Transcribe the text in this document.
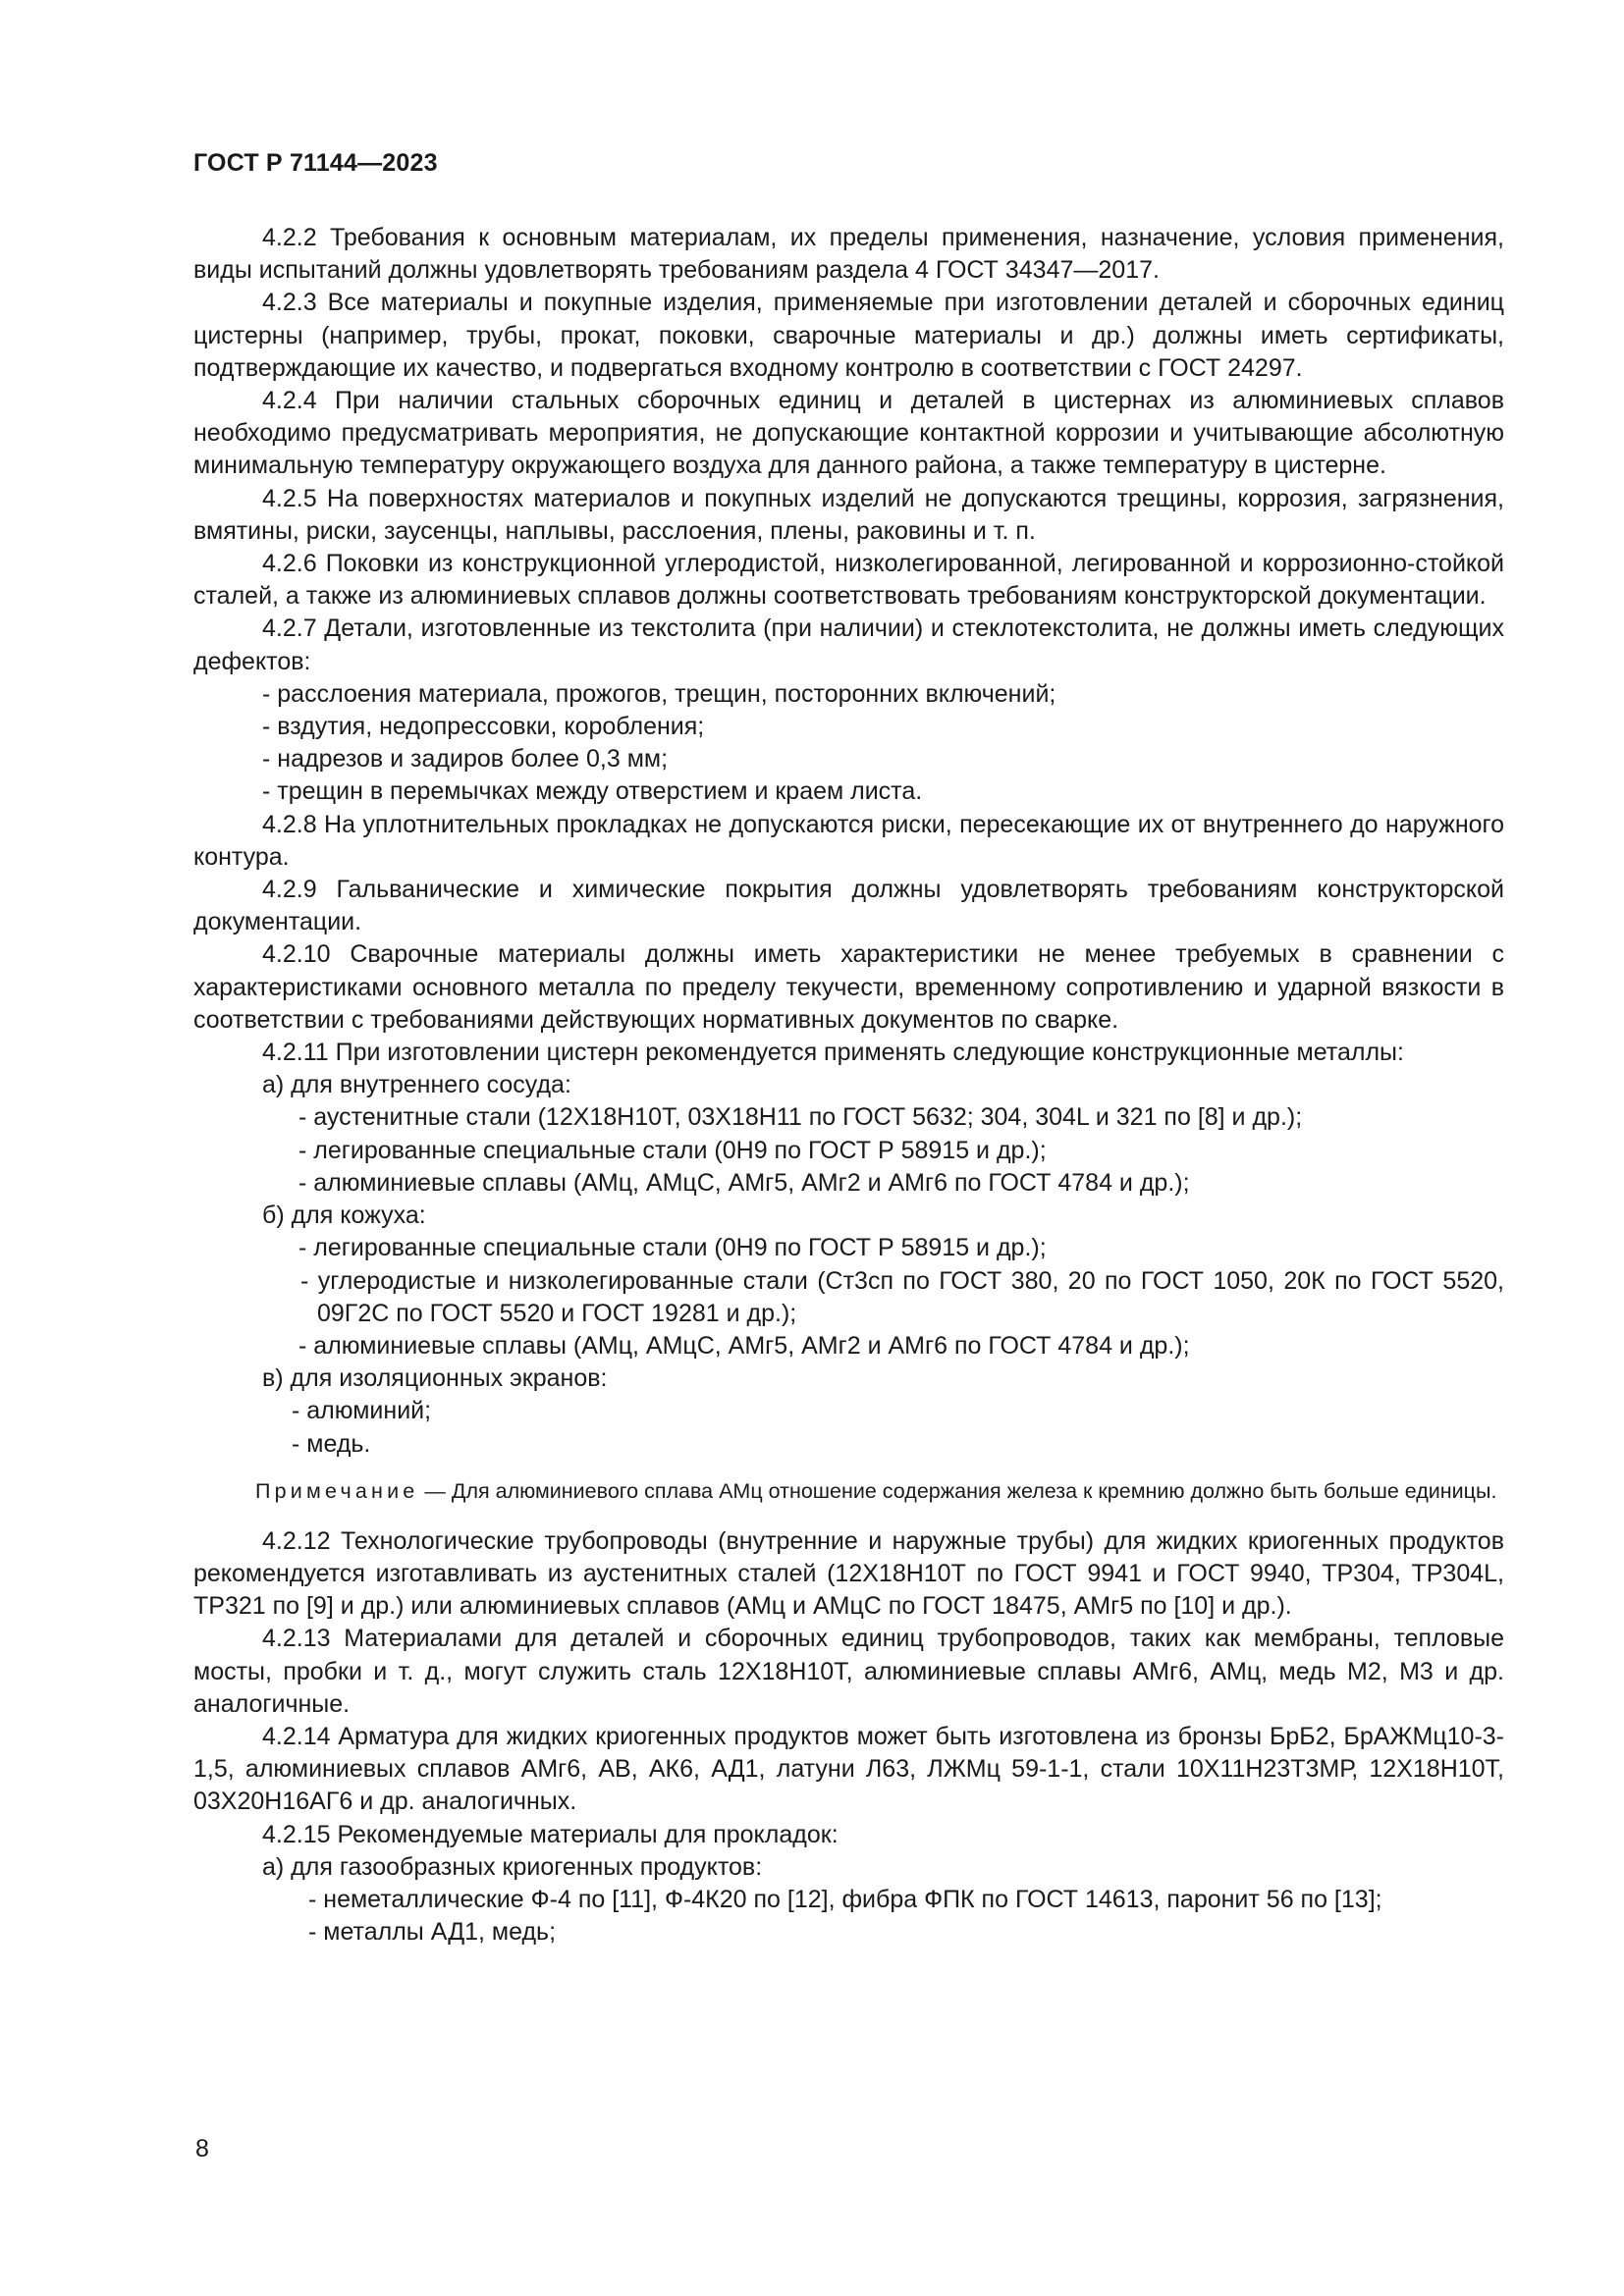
ГОСТ Р 71144—2023

4.2.2 Требования к основным материалам, их пределы применения, назначение, условия применения, виды испытаний должны удовлетворять требованиям раздела 4 ГОСТ 34347—2017.

4.2.3 Все материалы и покупные изделия, применяемые при изготовлении деталей и сборочных единиц цистерны (например, трубы, прокат, поковки, сварочные материалы и др.) должны иметь сертификаты, подтверждающие их качество, и подвергаться входному контролю в соответствии с ГОСТ 24297.

4.2.4 При наличии стальных сборочных единиц и деталей в цистернах из алюминиевых сплавов необходимо предусматривать мероприятия, не допускающие контактной коррозии и учитывающие абсолютную минимальную температуру окружающего воздуха для данного района, а также температуру в цистерне.

4.2.5 На поверхностях материалов и покупных изделий не допускаются трещины, коррозия, загрязнения, вмятины, риски, заусенцы, наплывы, расслоения, плены, раковины и т. п.

4.2.6 Поковки из конструкционной углеродистой, низколегированной, легированной и коррозионно-стойкой сталей, а также из алюминиевых сплавов должны соответствовать требованиям конструкторской документации.

4.2.7 Детали, изготовленные из текстолита (при наличии) и стеклотекстолита, не должны иметь следующих дефектов:

- расслоения материала, прожогов, трещин, посторонних включений;
- вздутия, недопрессовки, коробления;
- надрезов и задиров более 0,3 мм;
- трещин в перемычках между отверстием и краем листа.

4.2.8 На уплотнительных прокладках не допускаются риски, пересекающие их от внутреннего до наружного контура.

4.2.9 Гальванические и химические покрытия должны удовлетворять требованиям конструкторской документации.

4.2.10 Сварочные материалы должны иметь характеристики не менее требуемых в сравнении с характеристиками основного металла по пределу текучести, временному сопротивлению и ударной вязкости в соответствии с требованиями действующих нормативных документов по сварке.

4.2.11 При изготовлении цистерн рекомендуется применять следующие конструкционные металлы:

а) для внутреннего сосуда:
- аустенитные стали (12Х18Н10Т, 03Х18Н11 по ГОСТ 5632; 304, 304L и 321 по [8] и др.);
- легированные специальные стали (0Н9 по ГОСТ Р 58915 и др.);
- алюминиевые сплавы (АМц, АМцС, АМг5, АМг2 и АМг6 по ГОСТ 4784 и др.);
б) для кожуха:
- легированные специальные стали (0Н9 по ГОСТ Р 58915 и др.);
- углеродистые и низколегированные стали (Ст3сп по ГОСТ 380, 20 по ГОСТ 1050, 20К по ГОСТ 5520, 09Г2С по ГОСТ 5520 и ГОСТ 19281 и др.);
- алюминиевые сплавы (АМц, АМцС, АМг5, АМг2 и АМг6 по ГОСТ 4784 и др.);
в) для изоляционных экранов:
- алюминий;
- медь.

Примечание — Для алюминиевого сплава АМц отношение содержания железа к кремнию должно быть больше единицы.

4.2.12 Технологические трубопроводы (внутренние и наружные трубы) для жидких криогенных продуктов рекомендуется изготавливать из аустенитных сталей (12Х18Н10Т по ГОСТ 9941 и ГОСТ 9940, ТР304, ТР304L, ТР321 по [9] и др.) или алюминиевых сплавов (АМц и АМцС по ГОСТ 18475, АМг5 по [10] и др.).

4.2.13 Материалами для деталей и сборочных единиц трубопроводов, таких как мембраны, тепловые мосты, пробки и т. д., могут служить сталь 12Х18Н10Т, алюминиевые сплавы АМг6, АМц, медь М2, М3 и др. аналогичные.

4.2.14 Арматура для жидких криогенных продуктов может быть изготовлена из бронзы БрБ2, БрАЖМц10-3-1,5, алюминиевых сплавов АМг6, АВ, АК6, АД1, латуни Л63, ЛЖМц 59-1-1, стали 10Х11Н23Т3МР, 12Х18Н10Т, 03Х20Н16АГ6 и др. аналогичных.

4.2.15 Рекомендуемые материалы для прокладок:

а) для газообразных криогенных продуктов:
- неметаллические Ф-4 по [11], Ф-4К20 по [12], фибра ФПК по ГОСТ 14613, паронит 56 по [13];
- металлы АД1, медь;
8
